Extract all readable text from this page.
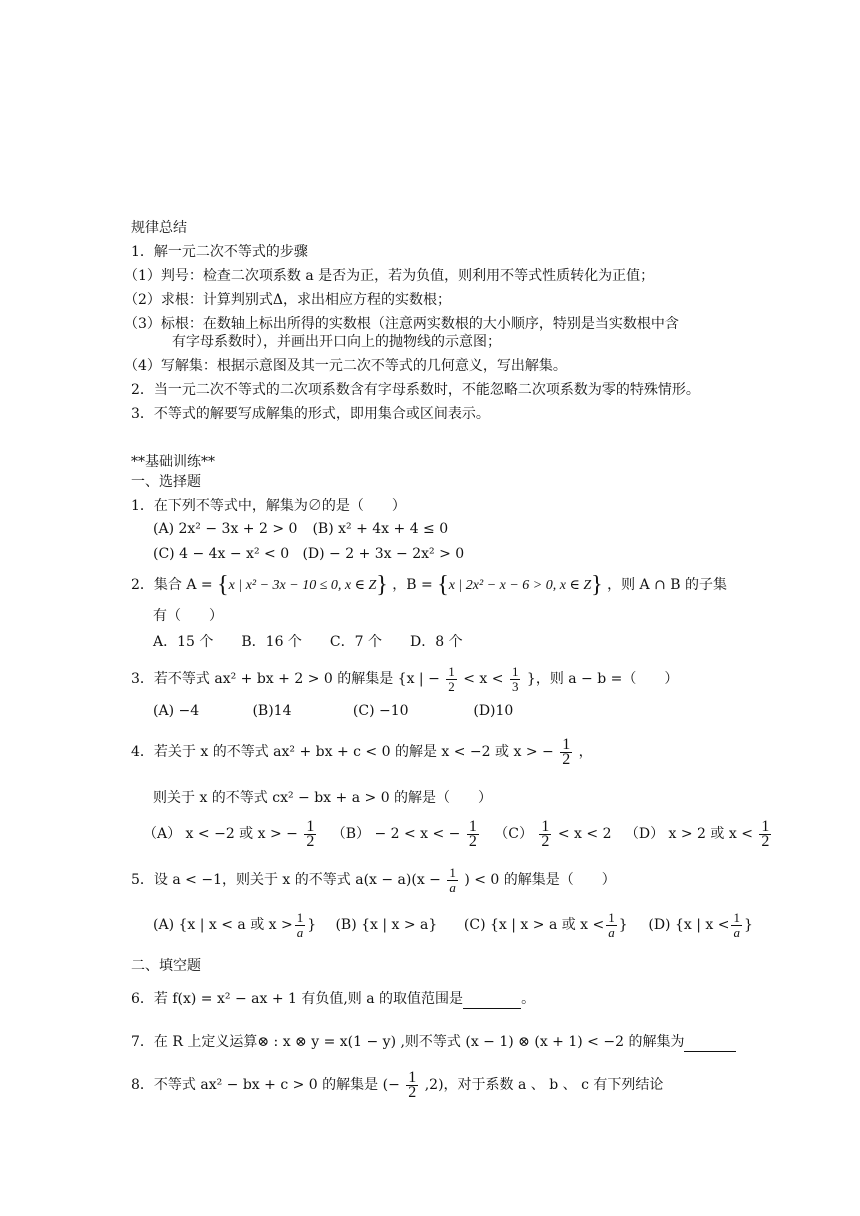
规律总结
1．解一元二次不等式的步骤
（1）判号：检查二次项系数 a 是否为正，若为负值，则利用不等式性质转化为正值；
（2）求根：计算判别式Δ，求出相应方程的实数根；
（3）标根：在数轴上标出所得的实数根（注意两实数根的大小顺序，特别是当实数根中含
有字母系数时），并画出开口向上的抛物线的示意图；
（4）写解集：根据示意图及其一元二次不等式的几何意义，写出解集。
2．当一元二次不等式的二次项系数含有字母系数时，不能忽略二次项系数为零的特殊情形。
3．不等式的解要写成解集的形式，即用集合或区间表示。
**基础训练**
一、选择题
1．在下列不等式中，解集为∅的是（　　）
(A) 2x² − 3x + 2 > 0 (B) x² + 4x + 4 ≤ 0
(C) 4 − 4x − x² < 0 (D) − 2 + 3x − 2x² > 0
2．集合 A = {x | x² − 3x − 10 ≤ 0, x ∈ Z} ，B = {x | 2x² − x − 6 > 0, x ∈ Z} ，则 A ∩ B 的子集
有（　　）
A．15 个　　B．16 个　　C．7 个　　D．8 个
3．若不等式 ax² + bx + 2 > 0 的解集是 {x | − $\frac{1}{2} < x < \frac{1}{3}$ }，则 a − b =（　　）
(A) −4	(B)14	(C) −10	(D)10
4．若关于 x 的不等式 ax² + bx + c < 0 的解是 x < −2 或 x > − $\frac{1}{2}$ ，
则关于 x 的不等式 cx² − bx + a > 0 的解是（　　）
（A） x < −2 或 x > − $\frac{1}{2} (B) - 2 < x$ < − $\frac{1}{2} (C) \frac{1}{2} < x < 2$ （D） x > 2 或 $x < \frac{1}{2}$
5．设 a < −1，则关于 x 的不等式 $a(x - a)(x - \frac{1}{a}$ ) < 0 的解集是（　　）
(A) {x | x < a 或 $x > \frac{1}{a}$ } (B) {x | x > a} (C) {x | x > a 或 $x < \frac{1}{a}$ } (D) {x | $x < \frac{1}{a}$ }
二、填空题
6．若 f(x) = x² − ax + 1 有负值,则 a 的取值范围是	。
7．在 R 上定义运算⊗ : x ⊗ y = x(1 − y) ,则不等式 (x − 1) ⊗ (x + 1) < −2 的解集为
8．不等式 ax² − bx + c > 0 的解集是 (− $\frac{1}{2} ,2$)，对于系数 a 、 b 、 c 有下列结论
